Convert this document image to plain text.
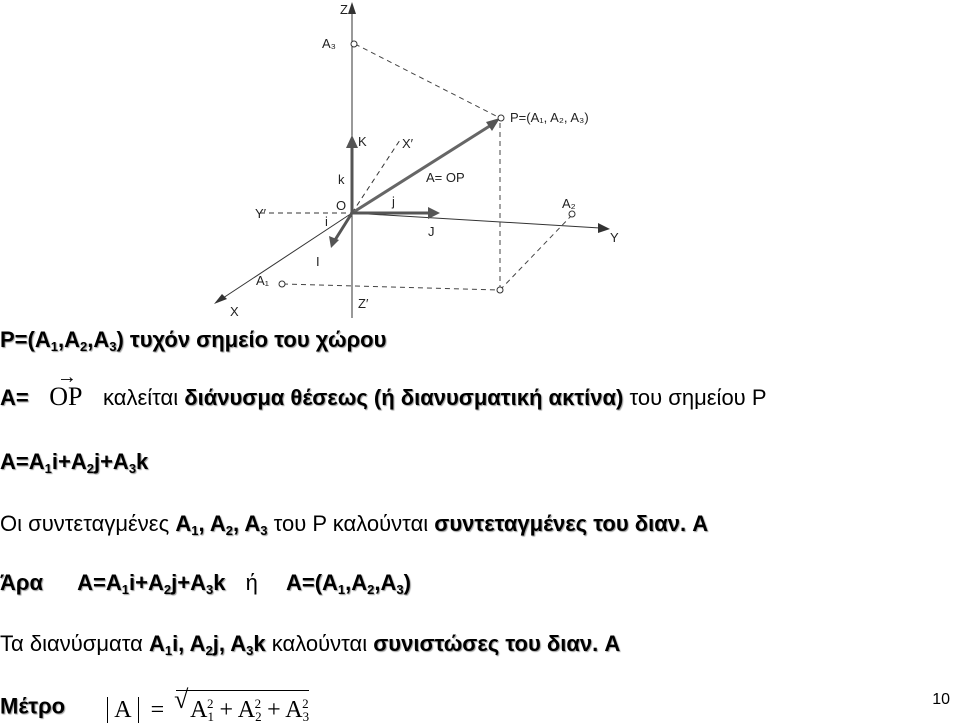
Z
A₃
P=(A₁, A₂, A₃)
K	X′
k	A= OP
O	j	A₂
Y′
i
J	Y
I
A₁
Z′
X
$P=(A_1,A_2,A_3)$ τυχόν σημείο του χώρου
A=
→
OP καλείται διάνυσμα θέσεως (ή διανυσματική ακτίνα) του σημείου P
$A=A_1i+A_2j+A_3k$
Οι συντεταγμένες $A_1$, $A_2$, $A_3$ του P καλούνται συντεταγμένες του διαν. A
Άρα $A=A_1i+A_2j+A_3k$ ή $A=(A_1,A_2,A_3)$
Τα διανύσματα $A_1i$, $A_2j$, $A_3k$ καλούνται συνιστώσες του διαν. A
Μέτρο A = √ $A_1^2 + A_2^2 + A_3^2$	10
